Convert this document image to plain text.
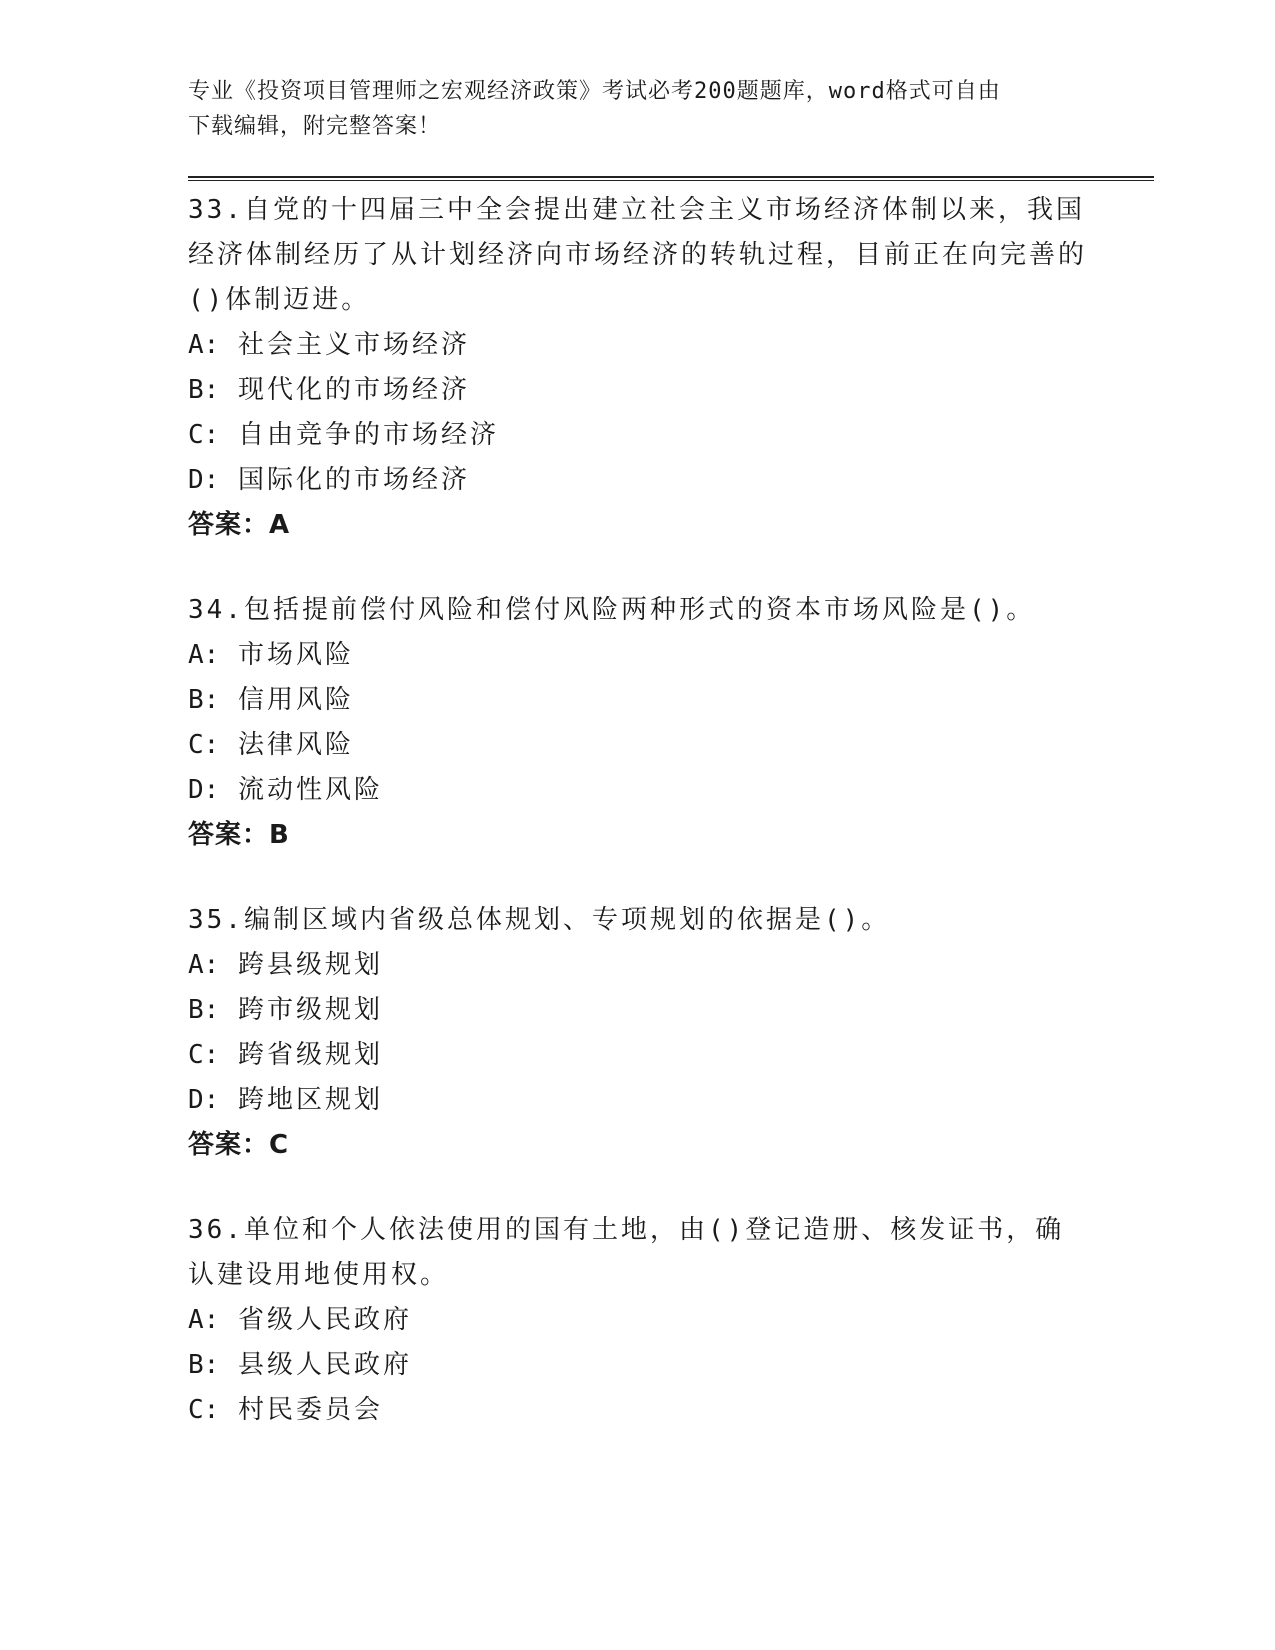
专业《投资项目管理师之宏观经济政策》考试必考200题题库，word格式可自由
下载编辑，附完整答案！
33.自党的十四届三中全会提出建立社会主义市场经济体制以来，我国经济体制经历了从计划经济向市场经济的转轨过程，目前正在向完善的()体制迈进。
A: 社会主义市场经济
B: 现代化的市场经济
C: 自由竞争的市场经济
D: 国际化的市场经济
答案：A
34.包括提前偿付风险和偿付风险两种形式的资本市场风险是()。
A: 市场风险
B: 信用风险
C: 法律风险
D: 流动性风险
答案：B
35.编制区域内省级总体规划、专项规划的依据是()。
A: 跨县级规划
B: 跨市级规划
C: 跨省级规划
D: 跨地区规划
答案：C
36.单位和个人依法使用的国有土地，由()登记造册、核发证书，确认建设用地使用权。
A: 省级人民政府
B: 县级人民政府
C: 村民委员会
